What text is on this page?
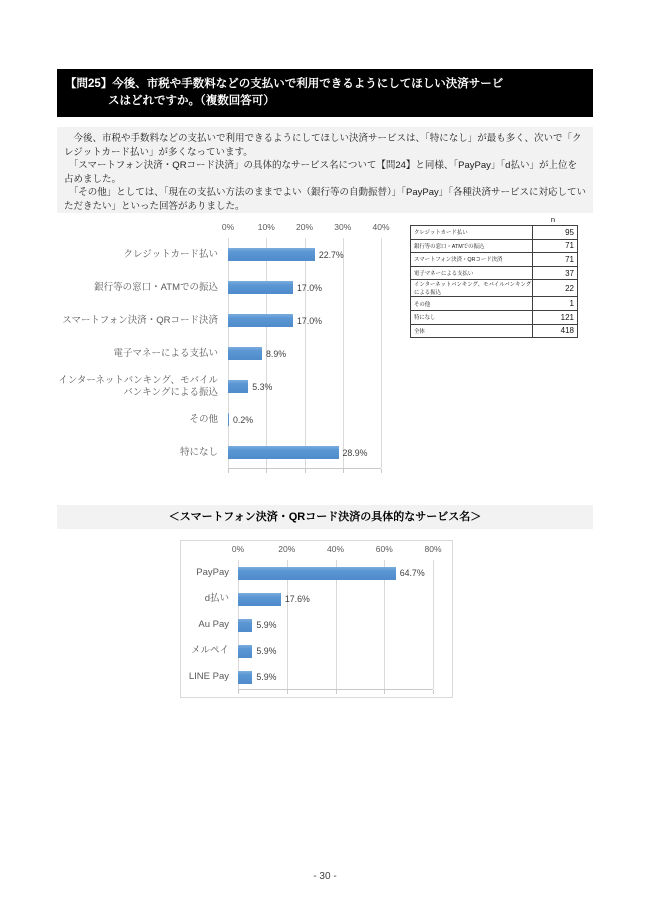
【問25】今後、市税や手数料などの支払いで利用できるようにしてほしい決済サービ
スはどれですか。（複数回答可）

　今後、市税や手数料などの支払いで利用できるようにしてほしい決済サービスは、「特になし」が最も多く、次いで「クレジットカード払い」が多くなっています。

　「スマートフォン決済・QRコード決済」の具体的なサービス名について【問24】と同様、「PayPay」「d払い」が上位を占めました。

　「その他」としては、「現在の支払い方法のままでよい（銀行等の自動振替）」「PayPay」「各種決済サービスに対応していただきたい」といった回答がありました。

0%	10%	20%	30%	40%
クレジットカード払い	22.7%
銀行等の窓口・ATMでの振込	17.0%
スマートフォン決済・QRコード決済	17.0%
電子マネーによる支払い	8.9%
インターネットバンキング、モバイルバンキングによる振込	5.3%
その他 0.2%
特になし	28.9%
n
クレジットカード払い	95
銀行等の窓口・ATMでの振込	71
スマートフォン決済・QRコード決済	71
電子マネーによる支払い	37
インターネットバンキング、モバイルバンキングによる振込	22
その他	1
特になし	121
全体	418
＜スマートフォン決済・QRコード決済の具体的なサービス名＞
0%	20%	40%	60%	80%
PayPay	64.7%
d払い	17.6%
Au Pay	5.9%
メルペイ	5.9%
LINE Pay	5.9%
- 30 -
